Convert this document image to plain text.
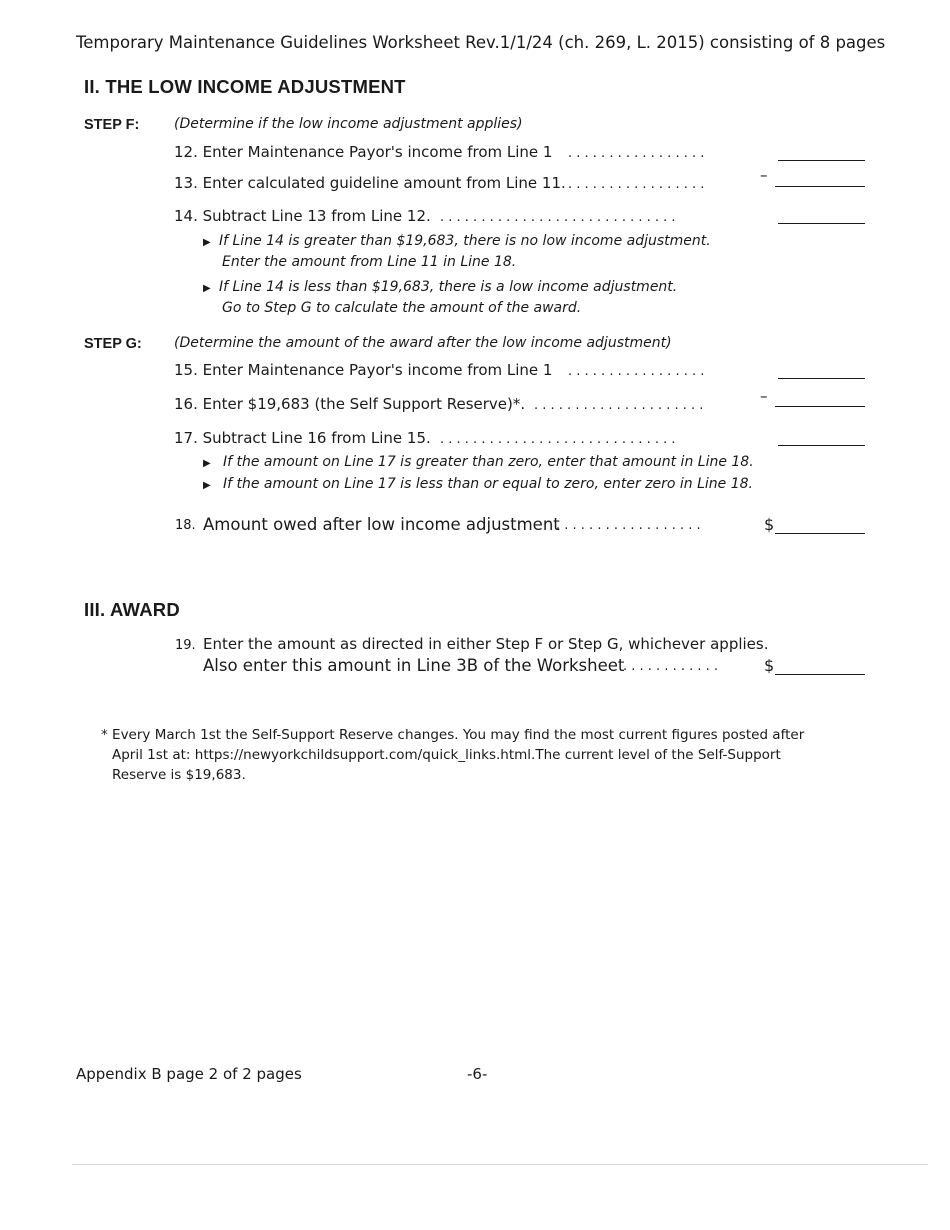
Temporary Maintenance Guidelines Worksheet Rev.1/1/24 (ch. 269, L. 2015) consisting of 8 pages
II. THE LOW INCOME ADJUSTMENT
STEP F: (Determine if the low income adjustment applies)
12. Enter Maintenance Payor's income from Line 1 . . . . . . . . . . . . . . . . .
13. Enter calculated guideline amount from Line 11. . . . . . . . . . . . . . . . . .
–
14. Subtract Line 13 from Line 12. . . . . . . . . . . . . . . . . . . . . . . . . . . . . .
▶ If Line 14 is greater than $19,683, there is no low income adjustment.
Enter the amount from Line 11 in Line 18.
▶ If Line 14 is less than $19,683, there is a low income adjustment.
Go to Step G to calculate the amount of the award.
STEP G: (Determine the amount of the award after the low income adjustment)
15. Enter Maintenance Payor's income from Line 1 . . . . . . . . . . . . . . . . .
16. Enter $19,683 (the Self Support Reserve)*. . . . . . . . . . . . . . . . . . . . . .
–
17. Subtract Line 16 from Line 15. . . . . . . . . . . . . . . . . . . . . . . . . . . . . .
▶ If the amount on Line 17 is greater than zero, enter that amount in Line 18.
▶ If the amount on Line 17 is less than or equal to zero, enter zero in Line 18.
18. Amount owed after low income adjustment
. . . . . . . . . . . . . . . . . .	$
III. AWARD
19. Enter the amount as directed in either Step F or Step G, whichever applies.
Also enter this amount in Line 3B of the Worksheet
. . . . . . . . . . . .	$
* Every March 1st the Self-Support Reserve changes. You may find the most current figures posted after
April 1st at: https://newyorkchildsupport.com/quick_links.html.The current level of the Self-Support
Reserve is $19,683.
Appendix B page 2 of 2 pages	-6-
